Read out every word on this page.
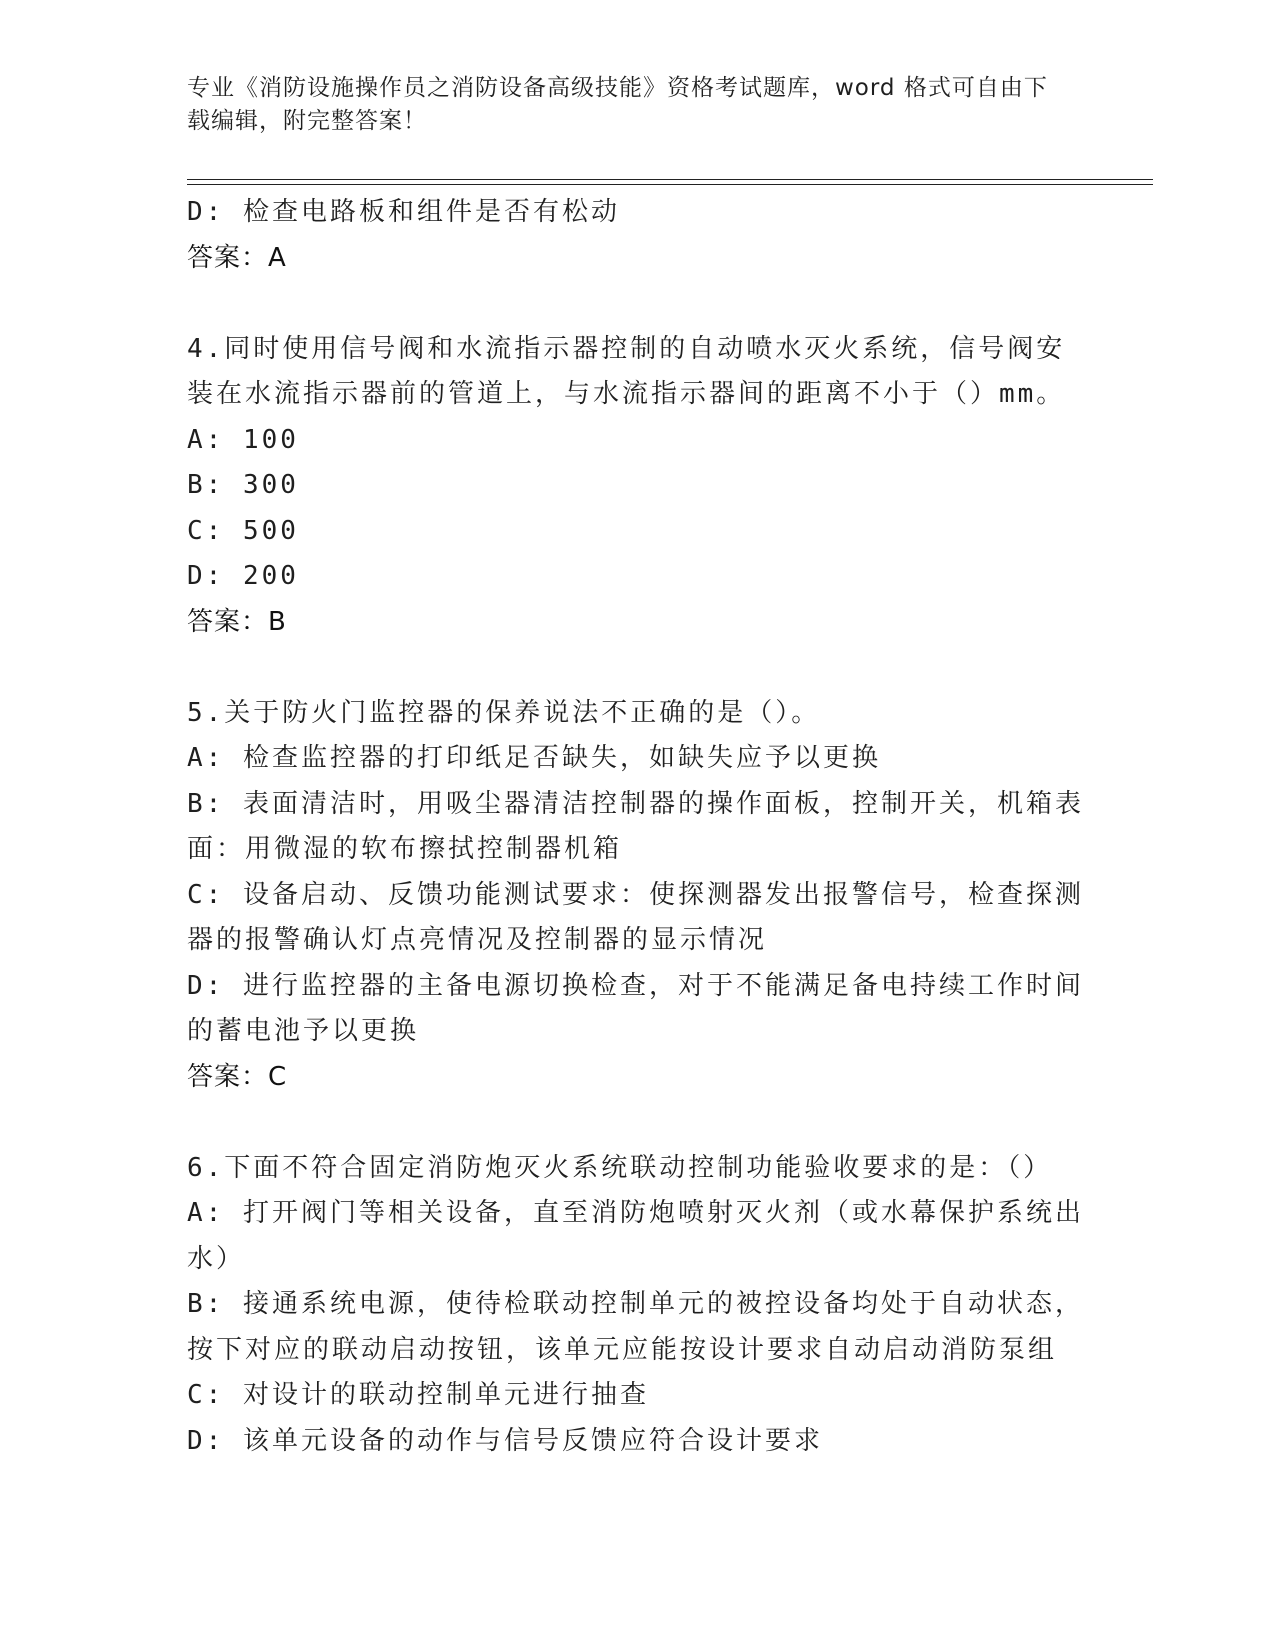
专业《消防设施操作员之消防设备高级技能》资格考试题库，word 格式可自由下
载编辑，附完整答案！
D: 检查电路板和组件是否有松动
答案：A
4.同时使用信号阀和水流指示器控制的自动喷水灭火系统，信号阀安
装在水流指示器前的管道上，与水流指示器间的距离不小于（）mm。
A: 100
B: 300
C: 500
D: 200
答案：B
5.关于防火门监控器的保养说法不正确的是（）。
A: 检查监控器的打印纸足否缺失，如缺失应予以更换
B: 表面清洁时，用吸尘器清洁控制器的操作面板，控制开关，机箱表
面：用微湿的软布擦拭控制器机箱
C: 设备启动、反馈功能测试要求：使探测器发出报警信号，检查探测
器的报警确认灯点亮情况及控制器的显示情况
D: 进行监控器的主备电源切换检查，对于不能满足备电持续工作时间
的蓄电池予以更换
答案：C
6.下面不符合固定消防炮灭火系统联动控制功能验收要求的是：（）
A: 打开阀门等相关设备，直至消防炮喷射灭火剂（或水幕保护系统出
水）
B: 接通系统电源，使待检联动控制单元的被控设备均处于自动状态，
按下对应的联动启动按钮，该单元应能按设计要求自动启动消防泵组
C: 对设计的联动控制单元进行抽查
D: 该单元设备的动作与信号反馈应符合设计要求
